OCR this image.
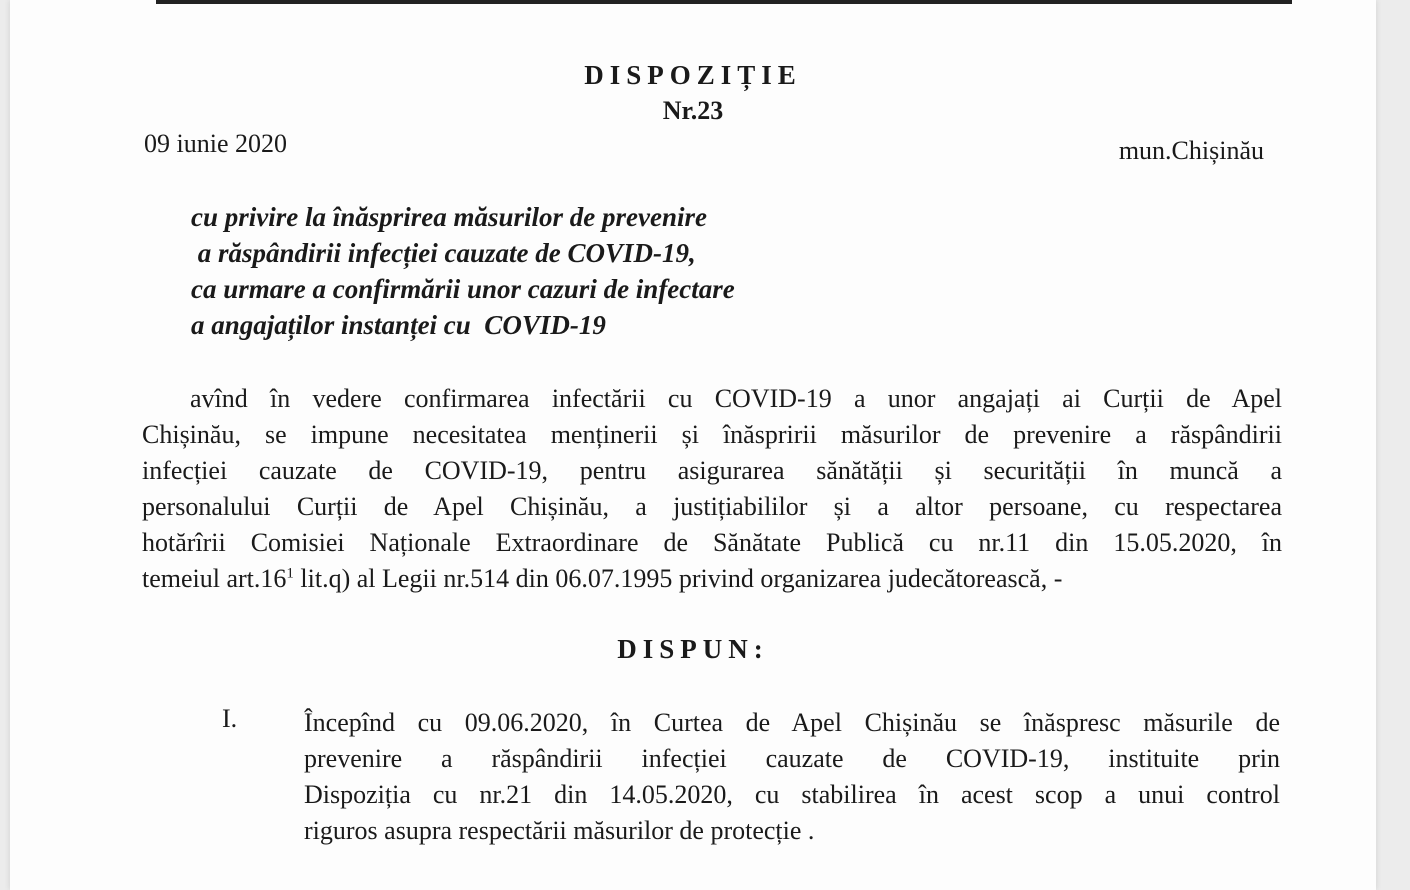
DISPOZIȚIE
Nr.23
09 iunie 2020	mun.Chișinău
cu privire la înăsprirea măsurilor de prevenire
a răspândirii infecției cauzate de COVID-19,
ca urmare a confirmării unor cazuri de infectare
a angajaților instanței cu  COVID-19
avînd în vedere confirmarea infectării cu COVID-19 a unor angajați ai Curții de Apel
Chișinău, se impune necesitatea menținerii și înăspririi măsurilor de prevenire a răspândirii
infecției cauzate de COVID-19, pentru asigurarea sănătății și securității în muncă a
personalului Curții de Apel Chișinău, a justițiabililor și a altor persoane, cu respectarea
hotărîrii Comisiei Naționale Extraordinare de Sănătate Publică cu nr.11 din 15.05.2020, în
temeiul $art.16^1$ lit.q) al Legii nr.514 din 06.07.1995 privind organizarea judecătorească, -
DISPUN:
I.	Începînd cu 09.06.2020, în Curtea de Apel Chișinău se înăspresc măsurile de
prevenire a răspândirii infecției cauzate de COVID-19, instituite prin
Dispoziția cu nr.21 din 14.05.2020, cu stabilirea în acest scop a unui control
riguros asupra respectării măsurilor de protecție .
